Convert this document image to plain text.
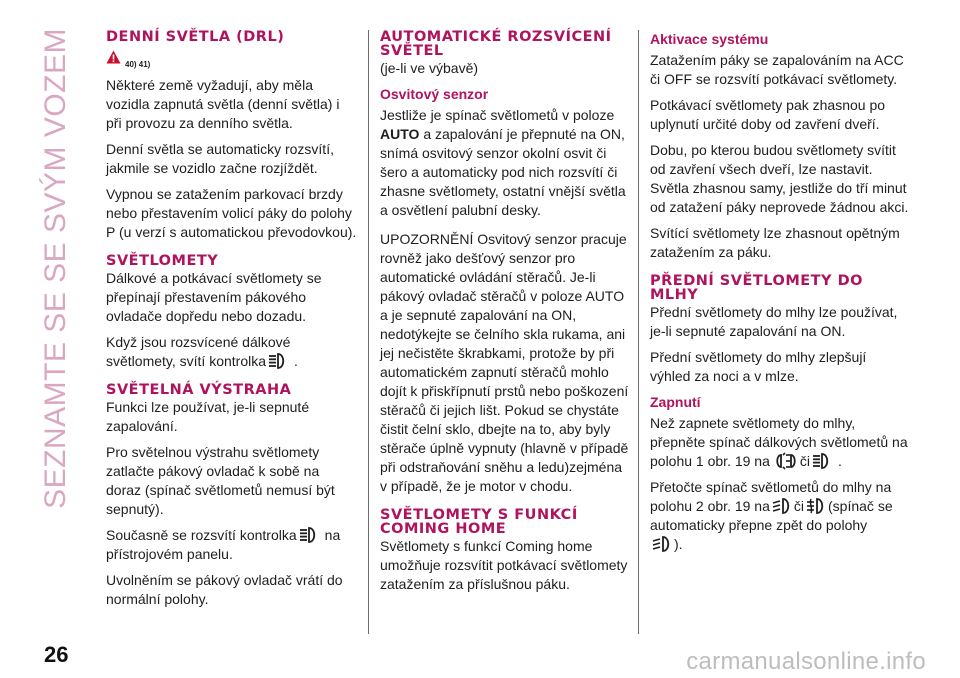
SEZNAMTE SE SE SVÝM VOZEM DENNÍ SVĚTLA (DRL)
40) 41)

Některé země vyžadují, aby měla vozidla zapnutá světla (denní světla) i při provozu za denního světla.

Denní světla se automaticky rozsvítí, jakmile se vozidlo začne rozjíždět.

Vypnou se zatažením parkovací brzdy nebo přestavením volicí páky do polohy P (u verzí s automatickou převodovkou).

SVĚTLOMETY

Dálkové a potkávací světlomety se přepínají přestavením pákového ovladače dopředu nebo dozadu.

Když jsou rozsvícené dálkové světlomety, svítí kontrolka .

SVĚTELNÁ VÝSTRAHA

Funkci lze používat, je-li sepnuté zapalování.

Pro světelnou výstrahu světlomety zatlačte pákový ovladač k sobě na doraz (spínač světlometů nemusí být sepnutý).

Současně se rozsvítí kontrolka na přístrojovém panelu.

Uvolněním se pákový ovladač vrátí do normální polohy.

AUTOMATICKÉ ROZSVÍCENÍ SVĚTEL

(je-li ve výbavě)

Osvitový senzor

Jestliže je spínač světlometů v poloze AUTO a zapalování je přepnuté na ON, snímá osvitový senzor okolní osvit či šero a automaticky pod nich rozsvítí či zhasne světlomety, ostatní vnější světla a osvětlení palubní desky.

UPOZORNĚNÍ Osvitový senzor pracuje rovněž jako dešťový senzor pro automatické ovládání stěračů. Je-li pákový ovladač stěračů v poloze AUTO a je sepnuté zapalování na ON, nedotýkejte se čelního skla rukama, ani jej nečistěte škrabkami, protože by při automatickém zapnutí stěračů mohlo dojít k přiskřípnutí prstů nebo poškození stěračů či jejich lišt. Pokud se chystáte čistit čelní sklo, dbejte na to, aby byly stěrače úplně vypnuty (hlavně v případě při odstraňování sněhu a ledu)zejména v případě, že je motor v chodu.

SVĚTLOMETY S FUNKCÍ COMING HOME

Světlomety s funkcí Coming home umožňuje rozsvítit potkávací světlomety zatažením za příslušnou páku.

Aktivace systému

Zatažením páky se zapalováním na ACC či OFF se rozsvítí potkávací světlomety.

Potkávací světlomety pak zhasnou po uplynutí určité doby od zavření dveří.

Dobu, po kterou budou světlomety svítit od zavření všech dveří, lze nastavit. Světla zhasnou samy, jestliže do tří minut od zatažení páky neprovede žádnou akci.

Svítící světlomety lze zhasnout opětným zatažením za páku.

PŘEDNÍ SVĚTLOMETY DO MLHY

Přední světlomety do mlhy lze používat, je-li sepnuté zapalování na ON.

Přední světlomety do mlhy zlepšují výhled za noci a v mlze.

Zapnutí

Než zapnete světlomety do mlhy, přepněte spínač dálkových světlometů na polohu 1 obr. 19 na či .

Přetočte spínač světlometů do mlhy na polohu 2 obr. 19 na či (spínač se automaticky přepne zpět do polohy

).

26	carmanualsonline.info
